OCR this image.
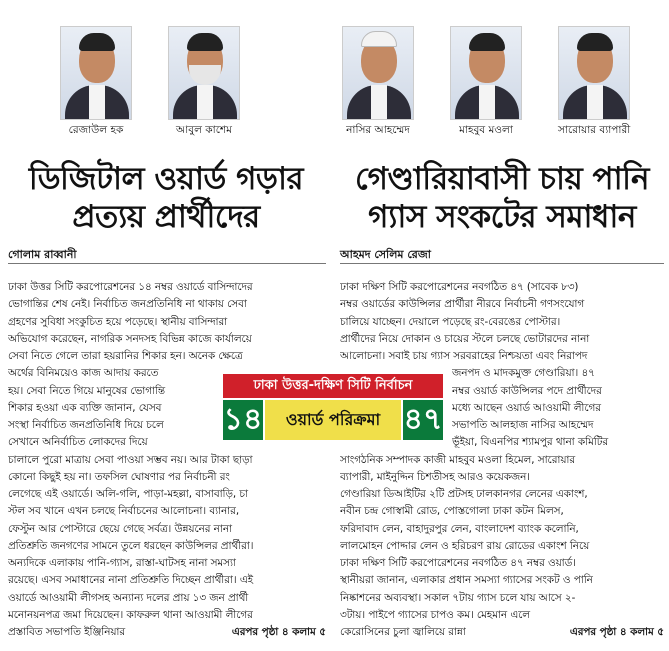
রেজাউল হক	আবুল কাশেম
ডিজিটাল ওয়ার্ড গড়ার
প্রত্যয় প্রার্থীদের
গোলাম রাব্বানী
ঢাকা উত্তর সিটি করপোরেশনের ১৪ নম্বর ওয়ার্ডে বাসিন্দাদের
ভোগান্তির শেষ নেই। নির্বাচিত জনপ্রতিনিধি না থাকায় সেবা
গ্রহণের সুবিধা সংকুচিত হয়ে পড়েছে। স্থানীয় বাসিন্দারা
অভিযোগ করেছেন, নাগরিক সনদসহ বিভিন্ন কাজে কার্যালয়ে
সেবা নিতে গেলে তারা হয়রানির শিকার হন। অনেক ক্ষেত্রে
অর্থের বিনিময়েও কাজ আদায় করতে
হয়। সেবা নিতে গিয়ে মানুষের ভোগান্তি
শিকার হওয়া এক ব্যক্তি জানান, যেসব
সংস্থা নির্বাচিত জনপ্রতিনিধি দিয়ে চলে
সেখানে অনির্বাচিত লোকদের দিয়ে
চালালে পুরো মাত্রায় সেবা পাওয়া সম্ভব নয়। আর টাকা ছাড়া
কোনো কিছুই হয় না। তফসিল ঘোষণার পর নির্বাচনী রং
লেগেছে এই ওয়ার্ডে। অলি-গলি, পাড়া-মহল্লা, বাসাবাড়ি, চা
স্টল সব খানে এখন চলছে নির্বাচনের আলোচনা। ব্যানার,
ফেস্টুন আর পোস্টারে ছেয়ে গেছে সর্বত্র। উন্নয়নের নানা
প্রতিশ্রুতি জনগণের সামনে তুলে ধরছেন কাউন্সিলর প্রার্থীরা।
অন্যদিকে এলাকায় পানি-গ্যাস, রাস্তা-ঘাটসহ নানা সমস্যা
রয়েছে। এসব সমাধানের নানা প্রতিশ্রুতি দিচ্ছেন প্রার্থীরা। এই
ওয়ার্ডে আওয়ামী লীগসহ অন্যান্য দলের প্রায় ১৩ জন প্রার্থী
মনোনয়নপত্র জমা দিয়েছেন। কাফরুল থানা আওয়ামী লীগের
প্রস্তাবিত সভাপতি ইঞ্জিনিয়ার	এরপর পৃষ্ঠা ৪ কলাম ৫
নাসির আহম্মেদ	মাহবুব মওলা	সারোয়ার ব্যাপারী
গেণ্ডারিয়াবাসী চায় পানি
গ্যাস সংকটের সমাধান
আহমদ সেলিম রেজা
ঢাকা দক্ষিণ সিটি করপোরেশনের নবগঠিত ৪৭ (সাবেক ৮৩)
নম্বর ওয়ার্ডের কাউন্সিলর প্রার্থীরা নীরবে নির্বাচনী গণসংযোগ
চালিয়ে যাচ্ছেন। দেয়ালে পড়েছে রং-বেরঙের পোস্টার।
প্রার্থীদের নিয়ে দোকান ও চায়ের স্টলে চলছে ভোটারদের নানা
আলোচনা। সবাই চায় গ্যাস সরবরাহের নিশ্চয়তা এবং নিরাপদ
জনপদ ও মাদকমুক্ত গেণ্ডারিয়া। ৪৭
নম্বর ওয়ার্ড কাউন্সিলর পদে প্রার্থীদের
মধ্যে আছেন ওয়ার্ড আওয়ামী লীগের
সভাপতি আলহাজ নাসির আহম্মেদ
ভূঁইয়া, বিএনপির শ্যামপুর থানা কমিটির
সাংগঠনিক সম্পাদক কাজী মাহবুব মওলা হিমেল, সারোয়ার
ব্যাপারী, মাইনুদ্দিন চিশতীসহ আরও কয়েকজন।
গেণ্ডারিয়া ডিআইটির ২টি প্রটসহ ঢালকানগর লেনের একাংশ,
নবীন চন্দ্র গোস্বামী রোড, পোস্তগোলা ঢাকা কটন মিলস,
ফরিদাবাদ লেন, বাহাদুরপুর লেন, বাংলাদেশ ব্যাংক কলোনি,
লালমোহন পোদ্দার লেন ও হরিচরণ রায় রোডের একাংশ নিয়ে
ঢাকা দক্ষিণ সিটি করপোরেশনের নবগঠিত ৪৭ নম্বর ওয়ার্ড।
স্থানীয়রা জানান, এলাকার প্রধান সমস্যা গ্যাসের সংকট ও পানি
নিষ্কাশনের অব্যবস্থা। সকাল ৭টায় গ্যাস চলে যায় আসে ২-
৩টায়। পাইপে গ্যাসের চাপও কম। মেহমান এলে
কেরোসিনের চুলা জ্বালিয়ে রান্না	এরপর পৃষ্ঠা ৪ কলাম ৫
ঢাকা উত্তর-দক্ষিণ সিটি নির্বাচন
১৪	ওয়ার্ড পরিক্রমা ৪৭
